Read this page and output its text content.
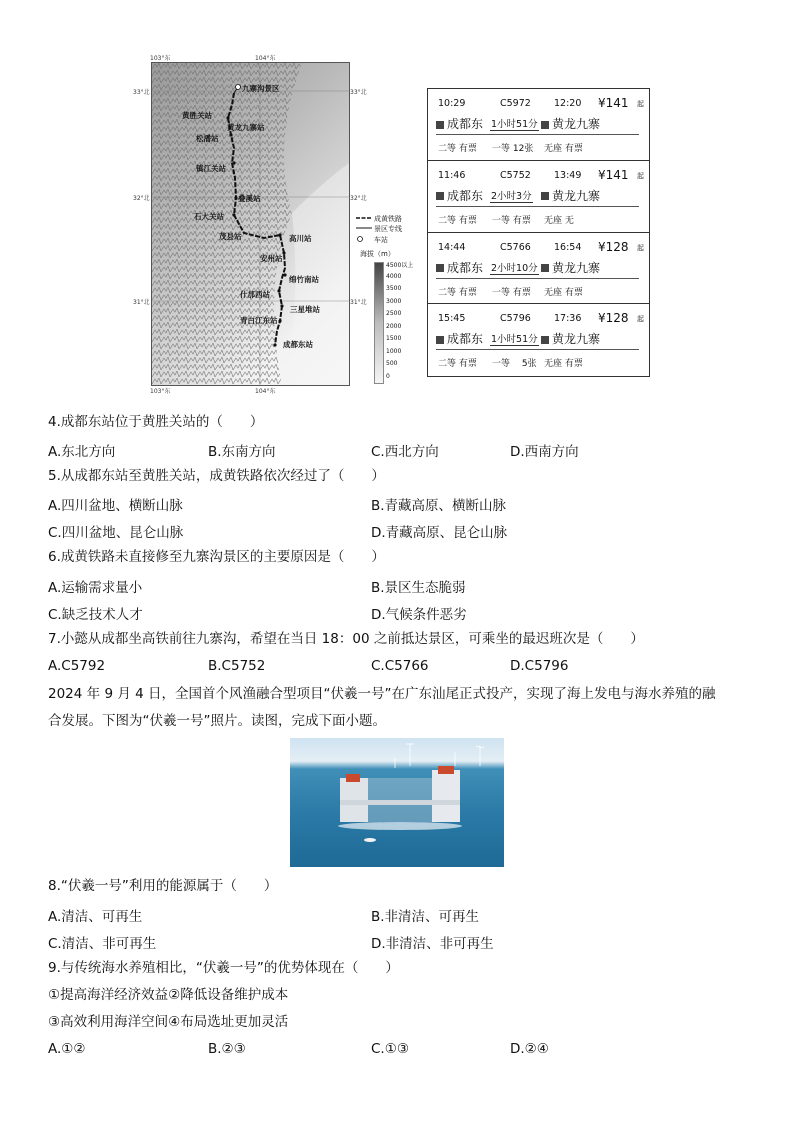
103°东	104°东
33°北	33°北
32°北	32°北
31°北	31°北
103°东	104°东
九寨沟景区
黄胜关站
黄龙九寨站
松潘站
镇江关站
叠溪站
石大关站
茂县站	高川站
安州站
绵竹南站
什邡西站
三星堆站
青白江东站
成都东站
成黄铁路
景区专线
车站
海拔（m）
4500以上
4000
3500
3000
2500
2000
1500
1000
500
0
10:29	C5972 12:20 ¥141 起
成都东 1小时51分	黄龙九寨
二等 有票 一等 12张 无座 有票
11:46	C5752 13:49 ¥141 起
成都东 2小时3分	黄龙九寨
二等 有票 一等 有票 无座 无
14:44	C5766 16:54 ¥128 起
成都东 2小时10分	黄龙九寨
二等 有票 一等 有票 无座 有票
15:45	C5796 17:36 ¥128 起
成都东 1小时51分	黄龙九寨
二等 有票 一等　 5张 无座 有票
4.成都东站位于黄胜关站的（　　）
A.东北方向	B.东南方向	C.西北方向	D.西南方向
5.从成都东站至黄胜关站，成黄铁路依次经过了（　　）
A.四川盆地、横断山脉	B.青藏高原、横断山脉
C.四川盆地、昆仑山脉	D.青藏高原、昆仑山脉
6.成黄铁路未直接修至九寨沟景区的主要原因是（　　）
A.运输需求量小	B.景区生态脆弱
C.缺乏技术人才	D.气候条件恶劣
7.小懿从成都坐高铁前往九寨沟，希望在当日 18：00 之前抵达景区，可乘坐的最迟班次是（　　）
A.C5792	B.C5752	C.C5766	D.C5796
2024 年 9 月 4 日，全国首个风渔融合型项目“伏羲一号”在广东汕尾正式投产，实现了海上发电与海水养殖的融
合发展。下图为“伏羲一号”照片。读图，完成下面小题。
8.“伏羲一号”利用的能源属于（　　）
A.清洁、可再生	B.非清洁、可再生
C.清洁、非可再生	D.非清洁、非可再生
9.与传统海水养殖相比，“伏羲一号”的优势体现在（　　）
①提高海洋经济效益②降低设备维护成本
③高效利用海洋空间④布局选址更加灵活
A.①②	B.②③	C.①③	D.②④
